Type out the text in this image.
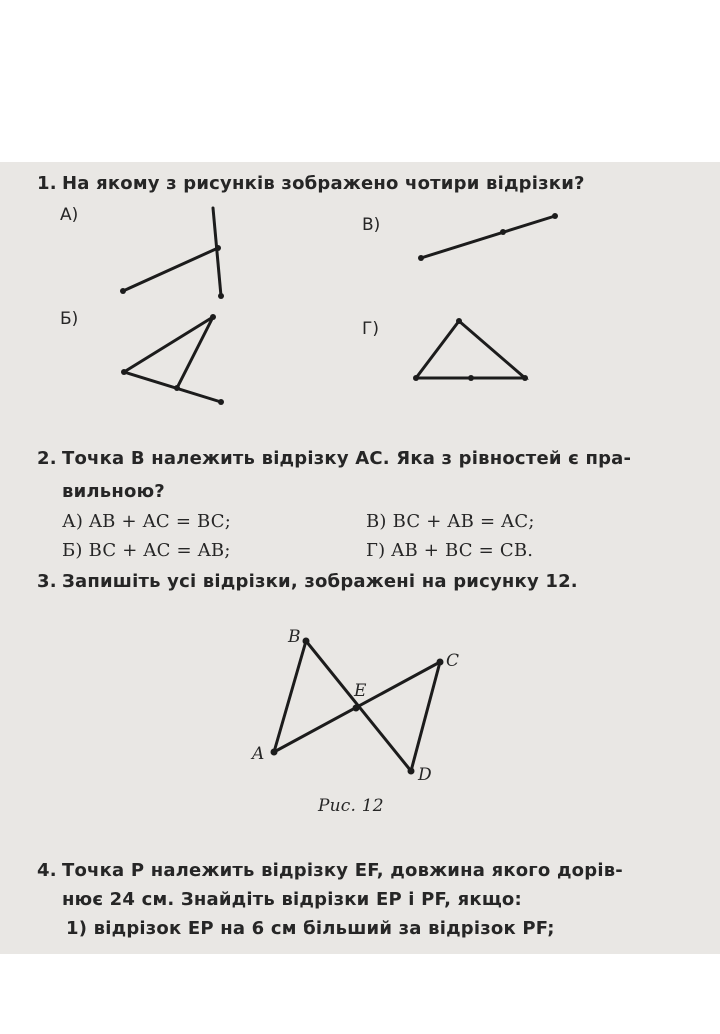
1. На якому з рисунків зображено чотири відрізки?
А)
Б)
В)
Г)
2. Точка B належить відрізку AC. Яка з рівностей є пра-
вильною?
А) AB + AC = BC;
Б) BC + AC = AB;
В) BC + AB = AC;
Г) AB + BC = CB.
3. Запишіть усі відрізки, зображені на рисунку 12.
B
C
E
A
D
Рис. 12
4. Точка P належить відрізку EF, довжина якого дорів-
нює 24 см. Знайдіть відрізки EP і PF, якщо:
1) відрізок EP на 6 см більший за відрізок PF;
